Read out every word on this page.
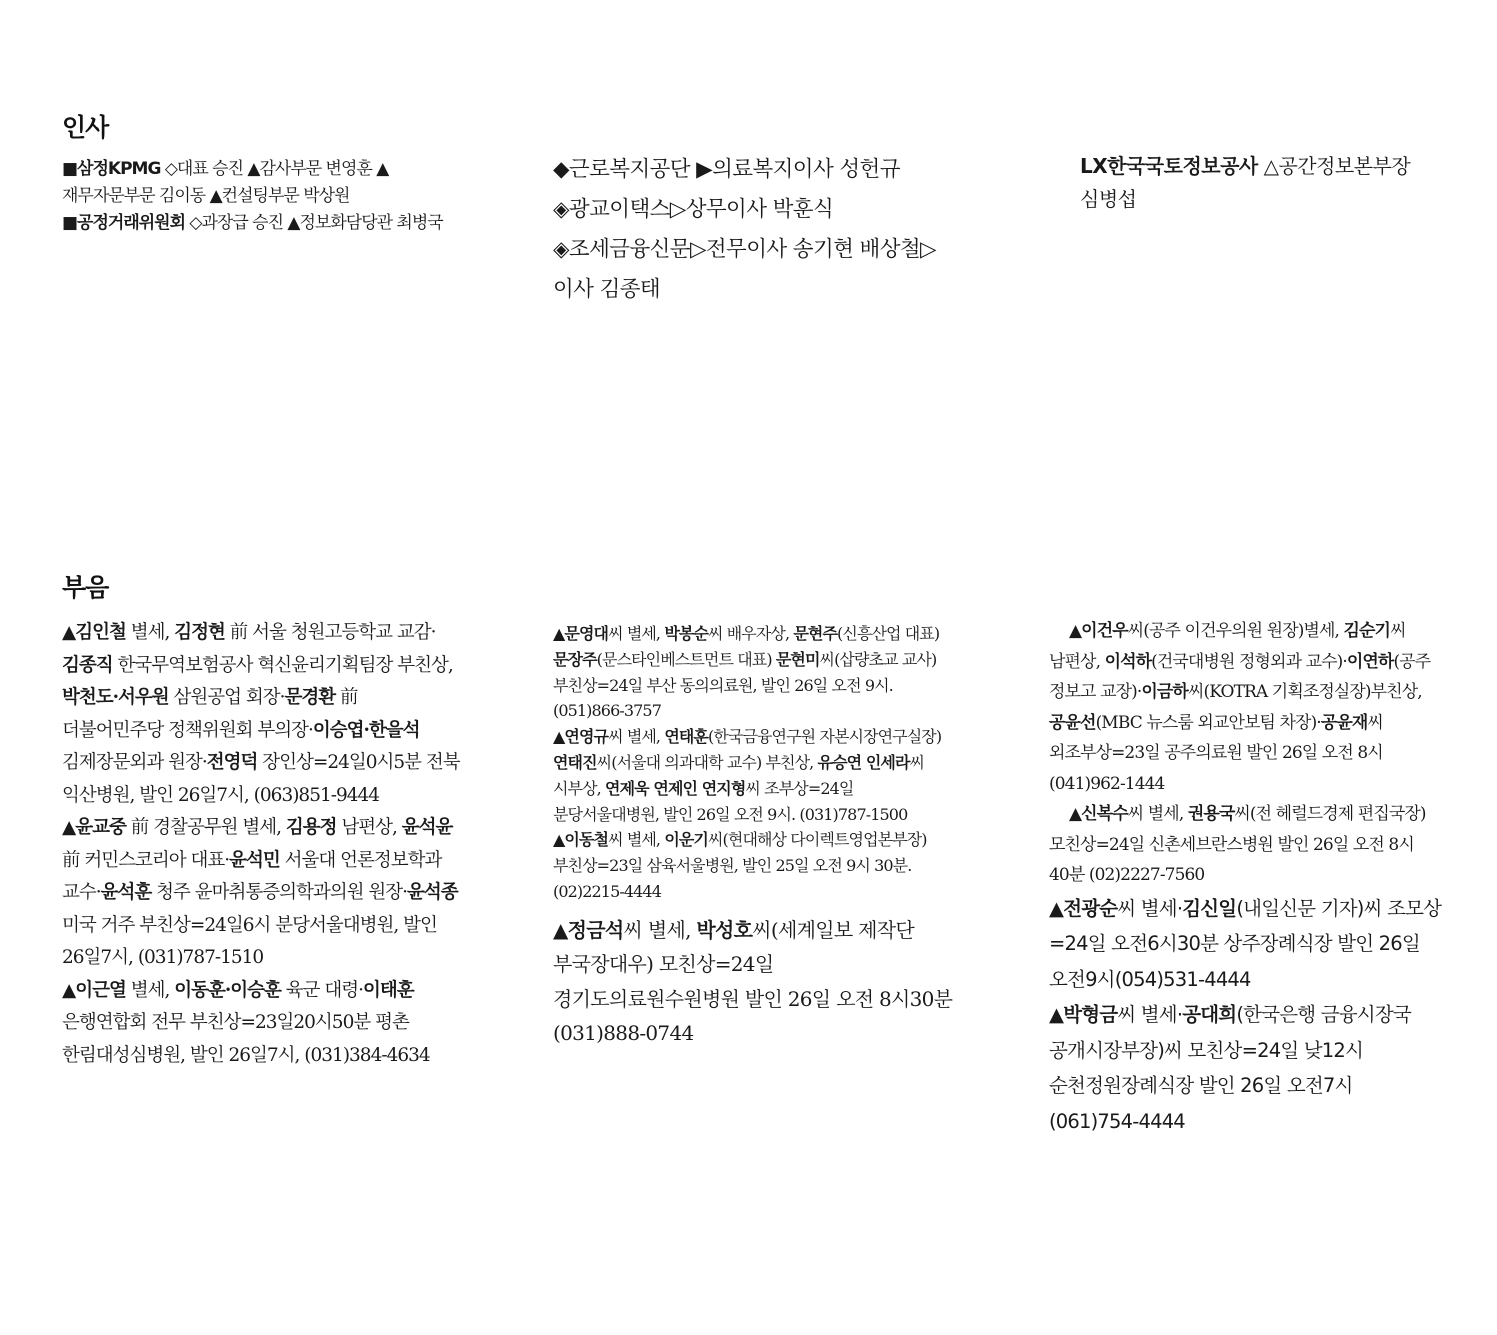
인사

■삼정KPMG ◇대표 승진 ▲감사부문 변영훈 ▲재무자문부문 김이동 ▲컨설팅부문 박상원

■공정거래위원회 ◇과장급 승진 ▲정보화담당관 최병국

◆근로복지공단 ▶의료복지이사 성헌규

◈광교이택스▷상무이사 박훈식

◈조세금융신문▷전무이사 송기현 배상철▷이사 김종태

LX한국국토정보공사 △공간정보본부장 심병섭

부음

▲김인철 별세, 김정현 前 서울 청원고등학교 교감·김종직 한국무역보험공사 혁신윤리기획팀장 부친상, 박천도·서우원 삼원공업 회장·문경환 前 더불어민주당 정책위원회 부의장·이승엽·한을석 김제장문외과 원장·전영덕 장인상=24일0시5분 전북 익산병원, 발인 26일7시, (063)851-9444

▲윤교중 前 경찰공무원 별세, 김용정 남편상, 윤석윤 前 커민스코리아 대표·윤석민 서울대 언론정보학과 교수·윤석훈 청주 윤마취통증의학과의원 원장·윤석종 미국 거주 부친상=24일6시 분당서울대병원, 발인 26일7시, (031)787-1510

▲이근열 별세, 이동훈·이승훈 육군 대령·이태훈 은행연합회 전무 부친상=23일20시50분 평촌 한림대성심병원, 발인 26일7시, (031)384-4634

▲문영대씨 별세, 박봉순씨 배우자상, 문현주(신흥산업 대표) 문장주(문스타인베스트먼트 대표) 문현미씨(삽량초교 교사) 부친상=24일 부산 동의의료원, 발인 26일 오전 9시. (051)866-3757

▲연영규씨 별세, 연태훈(한국금융연구원 자본시장연구실장) 연태진씨(서울대 의과대학 교수) 부친상, 유승연 인세라씨 시부상, 연제욱 연제인 연지형씨 조부상=24일 분당서울대병원, 발인 26일 오전 9시. (031)787-1500

▲이동철씨 별세, 이운기씨(현대해상 다이렉트영업본부장) 부친상=23일 삼육서울병원, 발인 25일 오전 9시 30분. (02)2215-4444

▲정금석씨 별세, 박성호씨(세계일보 제작단 부국장대우) 모친상=24일 경기도의료원수원병원 발인 26일 오전 8시30분 (031)888-0744

▲이건우씨(공주 이건우의원 원장)별세, 김순기씨 남편상, 이석하(건국대병원 정형외과 교수)·이연하(공주 정보고 교장)·이금하씨(KOTRA 기획조정실장)부친상, 공윤선(MBC 뉴스룸 외교안보팀 차장)·공윤재씨 외조부상=23일 공주의료원 발인 26일 오전 8시 (041)962-1444

▲신복수씨 별세, 권용국씨(전 헤럴드경제 편집국장)모친상=24일 신촌세브란스병원 발인 26일 오전 8시 40분 (02)2227-7560

▲전광순씨 별세·김신일(내일신문 기자)씨 조모상=24일 오전6시30분 상주장례식장 발인 26일 오전9시(054)531-4444

▲박형금씨 별세·공대희(한국은행 금융시장국 공개시장부장)씨 모친상=24일 낮12시 순천정원장례식장 발인 26일 오전7시 (061)754-4444
